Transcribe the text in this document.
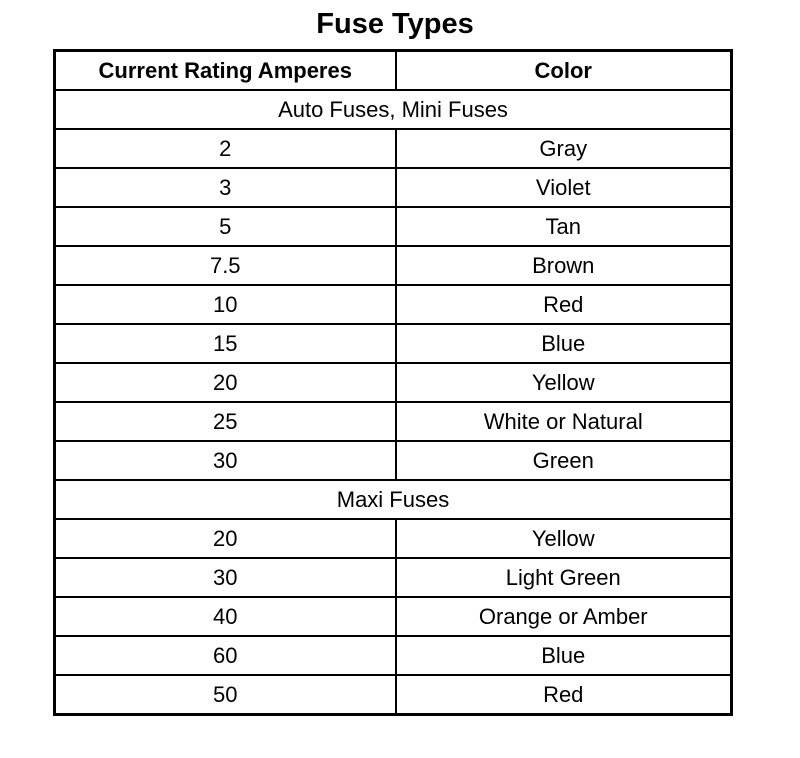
Fuse Types
Current Rating Amperes	Color
Auto Fuses, Mini Fuses	
2	Gray
3	Violet
5	Tan
7.5	Brown
10	Red
15	Blue
20	Yellow
25	White or Natural
30	Green
Maxi Fuses	
20	Yellow
30	Light Green
40	Orange or Amber
60	Blue
50	Red
